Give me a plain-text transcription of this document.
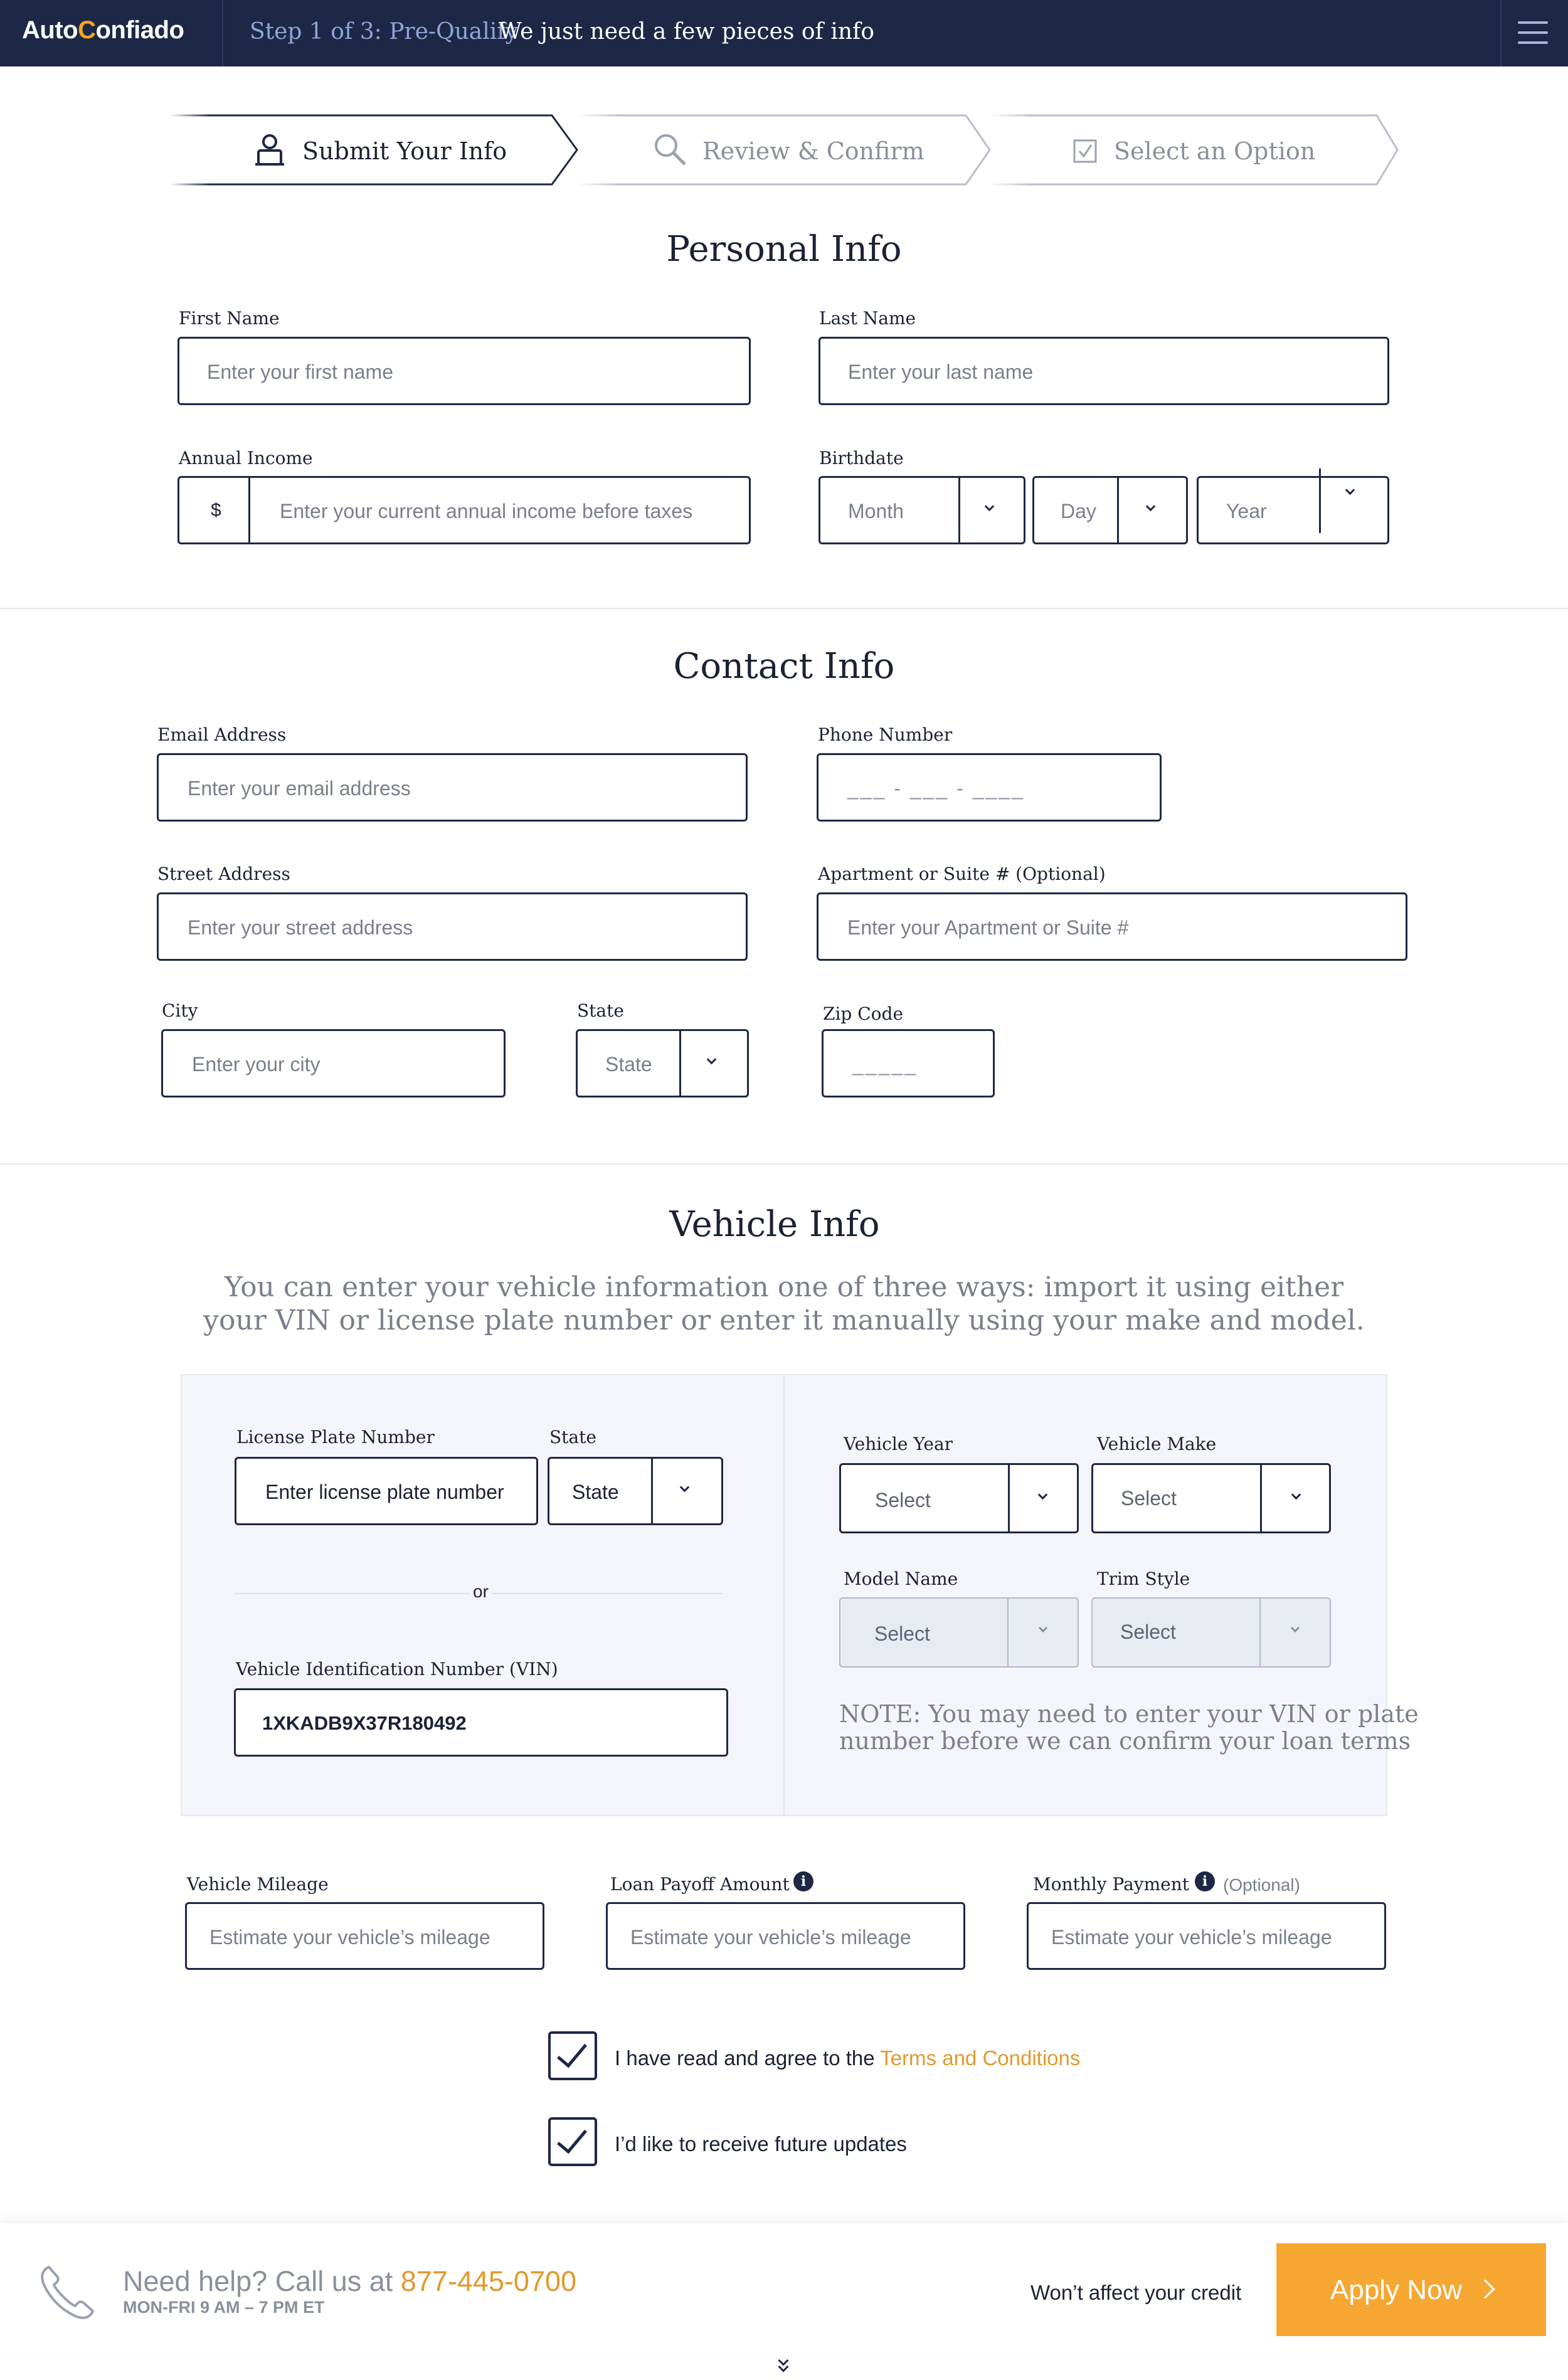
AutoConfiado	Step 1 of 3: Pre-Qualify
We just need a few pieces of info
Submit Your Info	Review & Confirm	Select an Option
Personal Info
First Name
Enter your first name
Last Name
Enter your last name
Annual Income
$	Enter your current annual income before taxes
Birthdate
Month	Day	Year
Contact Info
Email Address
Enter your email address
Phone Number
___ - ___ - ____
Street Address
Enter your street address
Apartment or Suite # (Optional)
Enter your Apartment or Suite #
City
Enter your city
State
State
Zip Code
_____
Vehicle Info
You can enter your vehicle information one of three ways: import it using either
your VIN or license plate number or enter it manually using your make and model.
License Plate Number
Enter license plate number
State
State
or
Vehicle Identification Number (VIN)
1XKADB9X37R180492
Vehicle Year
Select
Vehicle Make
Select
Model Name
Select
Trim Style
Select
NOTE: You may need to enter your VIN or plate
number before we can confirm your loan terms
Vehicle Mileage
Estimate your vehicle’s mileage
Loan Payoff Amount i
Estimate your vehicle’s mileage
Monthly Payment i (Optional)
Estimate your vehicle’s mileage
I have read and agree to the Terms and Conditions
I’d like to receive future updates
Need help? Call us at 877-445-0700
MON-FRI 9 AM – 7 PM ET
Won’t affect your credit	Apply Now
